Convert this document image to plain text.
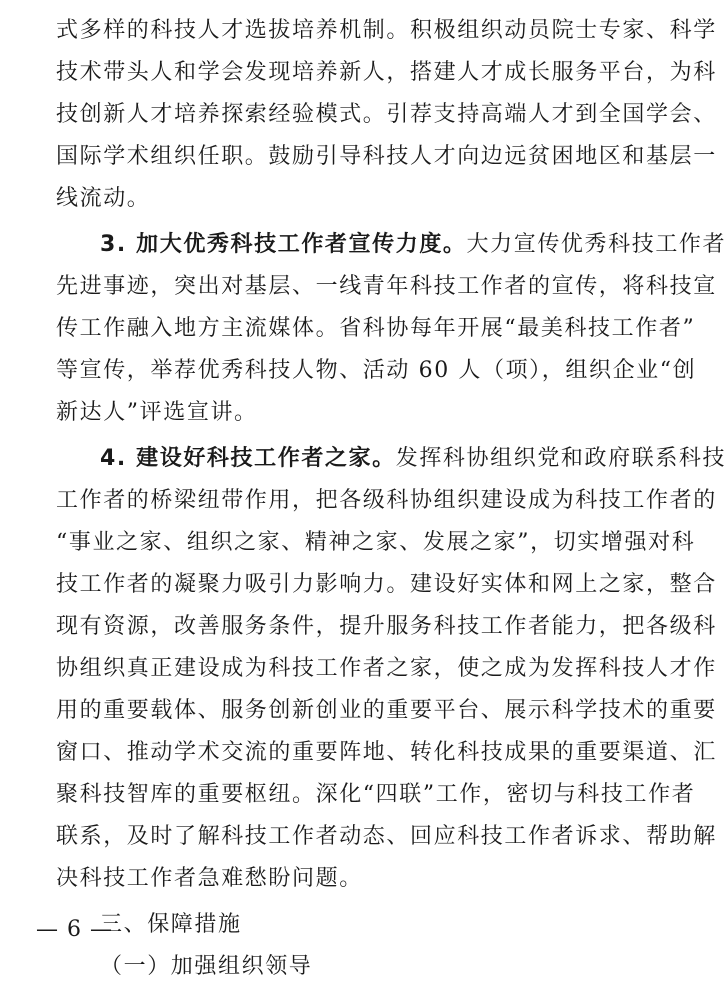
式多样的科技人才选拔培养机制。积极组织动员院士专家、科学
技术带头人和学会发现培养新人，搭建人才成长服务平台，为科
技创新人才培养探索经验模式。引荐支持高端人才到全国学会、
国际学术组织任职。鼓励引导科技人才向边远贫困地区和基层一
线流动。
3. 加大优秀科技工作者宣传力度。大力宣传优秀科技工作者
先进事迹，突出对基层、一线青年科技工作者的宣传，将科技宣
传工作融入地方主流媒体。省科协每年开展“最美科技工作者”
等宣传，举荐优秀科技人物、活动 60 人（项），组织企业“创
新达人”评选宣讲。
4. 建设好科技工作者之家。发挥科协组织党和政府联系科技
工作者的桥梁纽带作用，把各级科协组织建设成为科技工作者的
“事业之家、组织之家、精神之家、发展之家”，切实增强对科
技工作者的凝聚力吸引力影响力。建设好实体和网上之家，整合
现有资源，改善服务条件，提升服务科技工作者能力，把各级科
协组织真正建设成为科技工作者之家，使之成为发挥科技人才作
用的重要载体、服务创新创业的重要平台、展示科学技术的重要
窗口、推动学术交流的重要阵地、转化科技成果的重要渠道、汇
聚科技智库的重要枢纽。深化“四联”工作，密切与科技工作者
联系，及时了解科技工作者动态、回应科技工作者诉求、帮助解
决科技工作者急难愁盼问题。
三、保障措施
（一）加强组织领导
— 6 —
